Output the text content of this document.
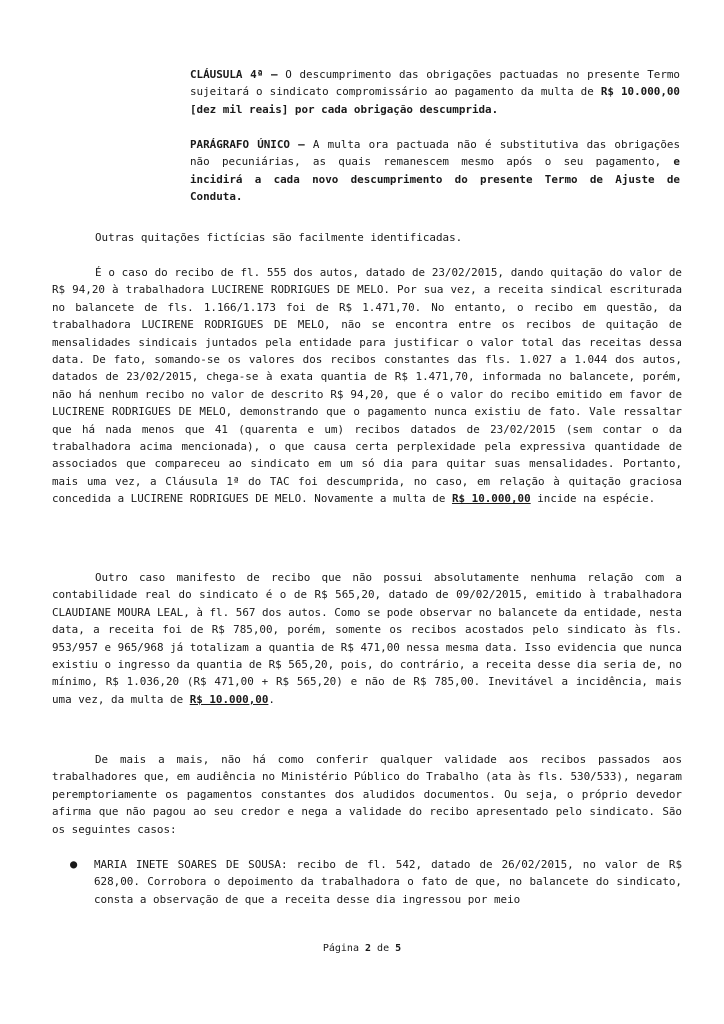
CLÁUSULA 4ª – O descumprimento das obrigações pactuadas no presente Termo sujeitará o sindicato compromissário ao pagamento da multa de R$ 10.000,00 [dez mil reais] por cada obrigação descumprida.

PARÁGRAFO ÚNICO – A multa ora pactuada não é substitutiva das obrigações não pecuniárias, as quais remanescem mesmo após o seu pagamento, e incidirá a cada novo descumprimento do presente Termo de Ajuste de Conduta.

Outras quitações fictícias são facilmente identificadas.

É o caso do recibo de fl. 555 dos autos, datado de 23/02/2015, dando quitação do valor de R$ 94,20 à trabalhadora LUCIRENE RODRIGUES DE MELO. Por sua vez, a receita sindical escriturada no balancete de fls. 1.166/1.173 foi de R$ 1.471,70. No entanto, o recibo em questão, da trabalhadora LUCIRENE RODRIGUES DE MELO, não se encontra entre os recibos de quitação de mensalidades sindicais juntados pela entidade para justificar o valor total das receitas dessa data. De fato, somando-se os valores dos recibos constantes das fls. 1.027 a 1.044 dos autos, datados de 23/02/2015, chega-se à exata quantia de R$ 1.471,70, informada no balancete, porém, não há nenhum recibo no valor de descrito R$ 94,20, que é o valor do recibo emitido em favor de LUCIRENE RODRIGUES DE MELO, demonstrando que o pagamento nunca existiu de fato. Vale ressaltar que há nada menos que 41 (quarenta e um) recibos datados de 23/02/2015 (sem contar o da trabalhadora acima mencionada), o que causa certa perplexidade pela expressiva quantidade de associados que compareceu ao sindicato em um só dia para quitar suas mensalidades. Portanto, mais uma vez, a Cláusula 1ª do TAC foi descumprida, no caso, em relação à quitação graciosa concedida a LUCIRENE RODRIGUES DE MELO. Novamente a multa de R$ 10.000,00 incide na espécie.

Outro caso manifesto de recibo que não possui absolutamente nenhuma relação com a contabilidade real do sindicato é o de R$ 565,20, datado de 09/02/2015, emitido à trabalhadora CLAUDIANE MOURA LEAL, à fl. 567 dos autos. Como se pode observar no balancete da entidade, nesta data, a receita foi de R$ 785,00, porém, somente os recibos acostados pelo sindicato às fls. 953/957 e 965/968 já totalizam a quantia de R$ 471,00 nessa mesma data. Isso evidencia que nunca existiu o ingresso da quantia de R$ 565,20, pois, do contrário, a receita desse dia seria de, no mínimo, R$ 1.036,20 (R$ 471,00 + R$ 565,20) e não de R$ 785,00. Inevitável a incidência, mais uma vez, da multa de R$ 10.000,00.

De mais a mais, não há como conferir qualquer validade aos recibos passados aos trabalhadores que, em audiência no Ministério Público do Trabalho (ata às fls. 530/533), negaram peremptoriamente os pagamentos constantes dos aludidos documentos. Ou seja, o próprio devedor afirma que não pagou ao seu credor e nega a validade do recibo apresentado pelo sindicato. São os seguintes casos:

● MARIA INETE SOARES DE SOUSA: recibo de fl. 542, datado de 26/02/2015, no valor de R$ 628,00. Corrobora o depoimento da trabalhadora o fato de que, no balancete do sindicato, consta a observação de que a receita desse dia ingressou por meio

Página 2 de 5
